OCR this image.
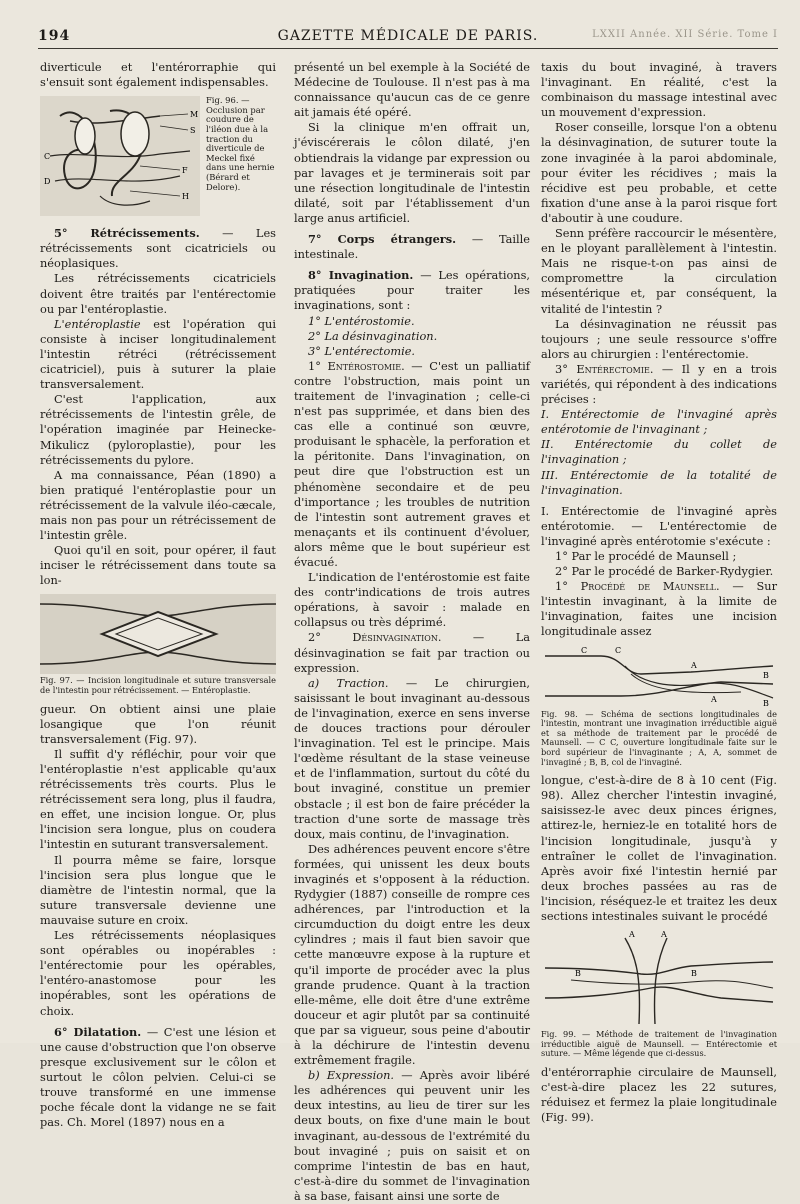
194	GAZETTE MÉDICALE DE PARIS.	LXXII Année. XII Série. Tome I

diverticule et l'entérorraphie qui s'ensuit sont également indispensables.

M
S
C
F
D
H
Fig. 96. — Occlusion par coudure de l'iléon due à la traction du diverticule de Meckel fixé dans une hernie (Bérard et Delore).

5° Rétrécissements. — Les rétrécissements sont cicatriciels ou néoplasiques.

Les rétrécissements cicatriciels doivent être traités par l'entérectomie ou par l'entéroplastie.

L'entéroplastie est l'opération qui consiste à inciser longitudinalement l'intestin rétréci (rétrécissement cicatriciel), puis à suturer la plaie transversalement.

C'est l'application, aux rétrécissements de l'intestin grêle, de l'opération imaginée par Heinecke-Mikulicz (pyloroplastie), pour les rétrécissements du pylore.

A ma connaissance, Péan (1890) a bien pratiqué l'entéroplastie pour un rétrécissement de la valvule iléo-cæcale, mais non pas pour un rétrécissement de l'intestin grêle.

Quoi qu'il en soit, pour opérer, il faut inciser le rétrécissement dans toute sa lon-

Fig. 97. — Incision longitudinale et suture transversale de l'intestin pour rétrécissement. — Entéroplastie.

gueur. On obtient ainsi une plaie losangique que l'on réunit transversalement (Fig. 97).

Il suffit d'y réfléchir, pour voir que l'entéroplastie n'est applicable qu'aux rétrécissements très courts. Plus le rétrécissement sera long, plus il faudra, en effet, une incision longue. Or, plus l'incision sera longue, plus on coudera l'intestin en suturant transversalement.

Il pourra même se faire, lorsque l'incision sera plus longue que le diamètre de l'intestin normal, que la suture transversale devienne une mauvaise suture en croix.

Les rétrécissements néoplasiques sont opérables ou inopérables : l'entérectomie pour les opérables, l'entéro-anastomose pour les inopérables, sont les opérations de choix.

6° Dilatation. — C'est une lésion et une cause d'obstruction que l'on observe presque exclusivement sur le côlon et surtout le côlon pelvien. Celui-ci se trouve transformé en une immense poche fécale dont la vidange ne se fait pas. Ch. Morel (1897) nous en a

présenté un bel exemple à la Société de Médecine de Toulouse. Il n'est pas à ma connaissance qu'aucun cas de ce genre ait jamais été opéré.

Si la clinique m'en offrait un, j'éviscérerais le côlon dilaté, j'en obtiendrais la vidange par expression ou par lavages et je terminerais soit par une résection longitudinale de l'intestin dilaté, soit par l'établissement d'un large anus artificiel.

7° Corps étrangers. — Taille intestinale.

8° Invagination. — Les opérations, pratiquées pour traiter les invaginations, sont :

1° L'entérostomie.

2° La désinvagination.

3° L'entérectomie.

1° Entérostomie. — C'est un palliatif contre l'obstruction, mais point un traitement de l'invagination ; celle-ci n'est pas supprimée, et dans bien des cas elle a continué son œuvre, produisant le sphacèle, la perforation et la péritonite. Dans l'invagination, on peut dire que l'obstruction est un phénomène secondaire et de peu d'importance ; les troubles de nutrition de l'intestin sont autrement graves et menaçants et ils continuent d'évoluer, alors même que le bout supérieur est évacué.

L'indication de l'entérostomie est faite des contr'indications de trois autres opérations, à savoir : malade en collapsus ou très déprimé.

2° Désinvagination. — La désinvagination se fait par traction ou expression.

a) Traction. — Le chirurgien, saisissant le bout invaginant au-dessous de l'invagination, exerce en sens inverse de douces tractions pour dérouler l'invagination. Tel est le principe. Mais l'œdème résultant de la stase veineuse et de l'inflammation, surtout du côté du bout invaginé, constitue un premier obstacle ; il est bon de faire précéder la traction d'une sorte de massage très doux, mais continu, de l'invagination.

Des adhérences peuvent encore s'être formées, qui unissent les deux bouts invaginés et s'opposent à la réduction. Rydygier (1887) conseille de rompre ces adhérences, par l'introduction et la circumduction du doigt entre les deux cylindres ; mais il faut bien savoir que cette manœuvre expose à la rupture et qu'il importe de procéder avec la plus grande prudence. Quant à la traction elle-même, elle doit être d'une extrême douceur et agir plutôt par sa continuité que par sa vigueur, sous peine d'aboutir à la déchirure de l'intestin devenu extrêmement fragile.

b) Expression. — Après avoir libéré les adhérences qui peuvent unir les deux intestins, au lieu de tirer sur les deux bouts, on fixe d'une main le bout invaginant, au-dessous de l'extrémité du bout invaginé ; puis on saisit et on comprime l'intestin de bas en haut, c'est-à-dire du sommet de l'invagination à sa base, faisant ainsi une sorte de

taxis du bout invaginé, à travers l'invaginant. En réalité, c'est la combinaison du massage intestinal avec un mouvement d'expression.

Roser conseille, lorsque l'on a obtenu la désinvagination, de suturer toute la zone invaginée à la paroi abdominale, pour éviter les récidives ; mais la récidive est peu probable, et cette fixation d'une anse à la paroi risque fort d'aboutir à une coudure.

Senn préfère raccourcir le mésentère, en le ployant parallèlement à l'intestin. Mais ne risque-t-on pas ainsi de compromettre la circulation mésentérique et, par conséquent, la vitalité de l'intestin ?

La désinvagination ne réussit pas toujours ; une seule ressource s'offre alors au chirurgien : l'entérectomie.

3° Entérectomie. — Il y en a trois variétés, qui répondent à des indications précises :

I. Entérectomie de l'invaginé après entérotomie de l'invaginant ;

II. Entérectomie du collet de l'invagination ;

III. Entérectomie de la totalité de l'invagination.

I. Entérectomie de l'invaginé après entérotomie. — L'entérectomie de l'invaginé après entérotomie s'exécute :

1° Par le procédé de Maunsell ;

2° Par le procédé de Barker-Rydygier.

1° Procédé de Maunsell. — Sur l'intestin invaginant, à la limite de l'invagination, faites une incision longitudinale assez

C	C
A
A
B
B

Fig. 98. — Schéma de sections longitudinales de l'intestin, montrant une invagination irréductible aiguë et sa méthode de traitement par le procédé de Maunsell. — C C, ouverture longitudinale faite sur le bord supérieur de l'invaginante ; A, A, sommet de l'invaginé ; B, B, col de l'invaginé.

longue, c'est-à-dire de 8 à 10 cent (Fig. 98). Allez chercher l'intestin invaginé, saisissez-le avec deux pinces érignes, attirez-le, herniez-le en totalité hors de l'incision longitudinale, jusqu'à y entraîner le collet de l'invagination. Après avoir fixé l'intestin hernié par deux broches passées au ras de l'incision, réséquez-le et traitez les deux sections intestinales suivant le procédé

A	A
B	B

Fig. 99. — Méthode de traitement de l'invagination irréductible aiguë de Maunsell. — Entérectomie et suture. — Même légende que ci-dessus.

d'entérorraphie circulaire de Maunsell, c'est-à-dire placez les 22 sutures, réduisez et fermez la plaie longitudinale (Fig. 99).
